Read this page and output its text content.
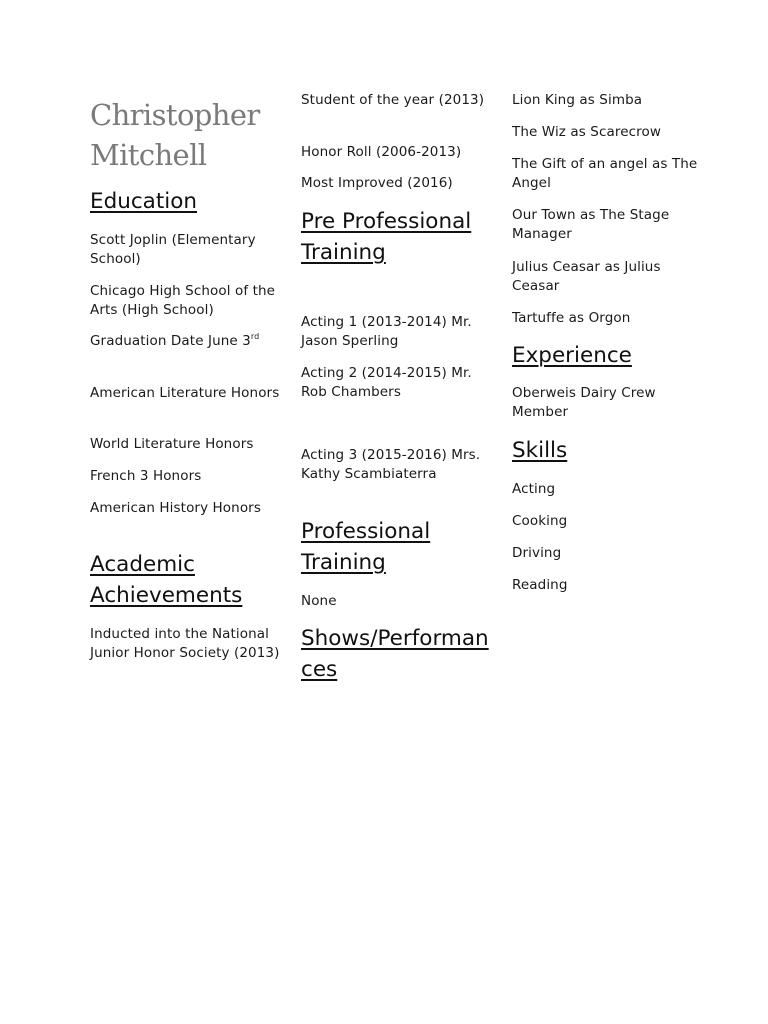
Christopher
Mitchell
Education

Scott Joplin (Elementary School)

Chicago High School of the Arts (High School)

Graduation Date June 3rd

American Literature Honors

World Literature Honors

French 3 Honors

American History Honors

Academic Achievements

Inducted into the National Junior Honor Society (2013)

Student of the year (2013)

Honor Roll (2006-2013)

Most Improved (2016)

Pre Professional Training

Acting 1 (2013-2014) Mr. Jason Sperling

Acting 2 (2014-2015) Mr. Rob Chambers

Acting 3 (2015-2016) Mrs. Kathy Scambiaterra

Professional Training

None

Shows/Performances

Lion King as Simba

The Wiz as Scarecrow

The Gift of an angel as The Angel

Our Town as The Stage Manager

Julius Ceasar as Julius Ceasar

Tartuffe as Orgon

Experience

Oberweis Dairy Crew Member

Skills

Acting

Cooking

Driving

Reading
